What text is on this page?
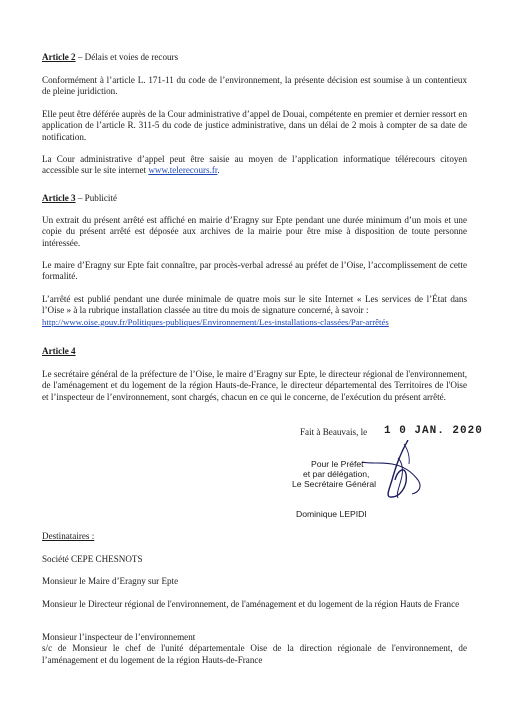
Article 2 – Délais et voies de recours

Conformément à l’article L. 171-11 du code de l’environnement, la présente décision est soumise à un contentieux de pleine juridiction.

Elle peut être déférée auprès de la Cour administrative d’appel de Douai, compétente en premier et dernier ressort en application de l’article R. 311-5 du code de justice administrative, dans un délai de 2 mois à compter de sa date de notification.

La Cour administrative d’appel peut être saisie au moyen de l’application informatique télérecours citoyen accessible sur le site internet www.telerecours.fr.

Article 3 – Publicité

Un extrait du présent arrêté est affiché en mairie d’Eragny sur Epte pendant une durée minimum d’un mois et une copie du présent arrêté est déposée aux archives de la mairie pour être mise à disposition de toute personne intéressée.

Le maire d’Eragny sur Epte fait connaître, par procès-verbal adressé au préfet de l’Oise, l’accomplissement de cette formalité.

L’arrêté est publié pendant une durée minimale de quatre mois sur le site Internet « Les services de l’État dans l’Oise » à la rubrique installation classée au titre du mois de signature concerné, à savoir :

http://www.oise.gouv.fr/Politiques-publiques/Environnement/Les-installations-classées/Par-arrêtés

Article 4

Le secrétaire général de la préfecture de l’Oise, le maire d’Eragny sur Epte, le directeur régional de l'environnement, de l'aménagement et du logement de la région Hauts-de-France, le directeur départemental des Territoires de l'Oise et l’inspecteur de l’environnement, sont chargés, chacun en ce qui le concerne, de l'exécution du présent arrêté.

Fait à Beauvais, le 1 0 JAN. 2020
Pour le Préfet
et par délégation,
Le Secrétaire Général
Dominique LEPIDI

Destinataires :

Société CEPE CHESNOTS

Monsieur le Maire d’Eragny sur Epte

Monsieur le Directeur régional de l'environnement, de l'aménagement et du logement de la région Hauts de France

Monsieur l’inspecteur de l’environnement

s/c de Monsieur le chef de l'unité départementale Oise de la direction régionale de l'environnement, de l’aménagement et du logement de la région Hauts-de-France
